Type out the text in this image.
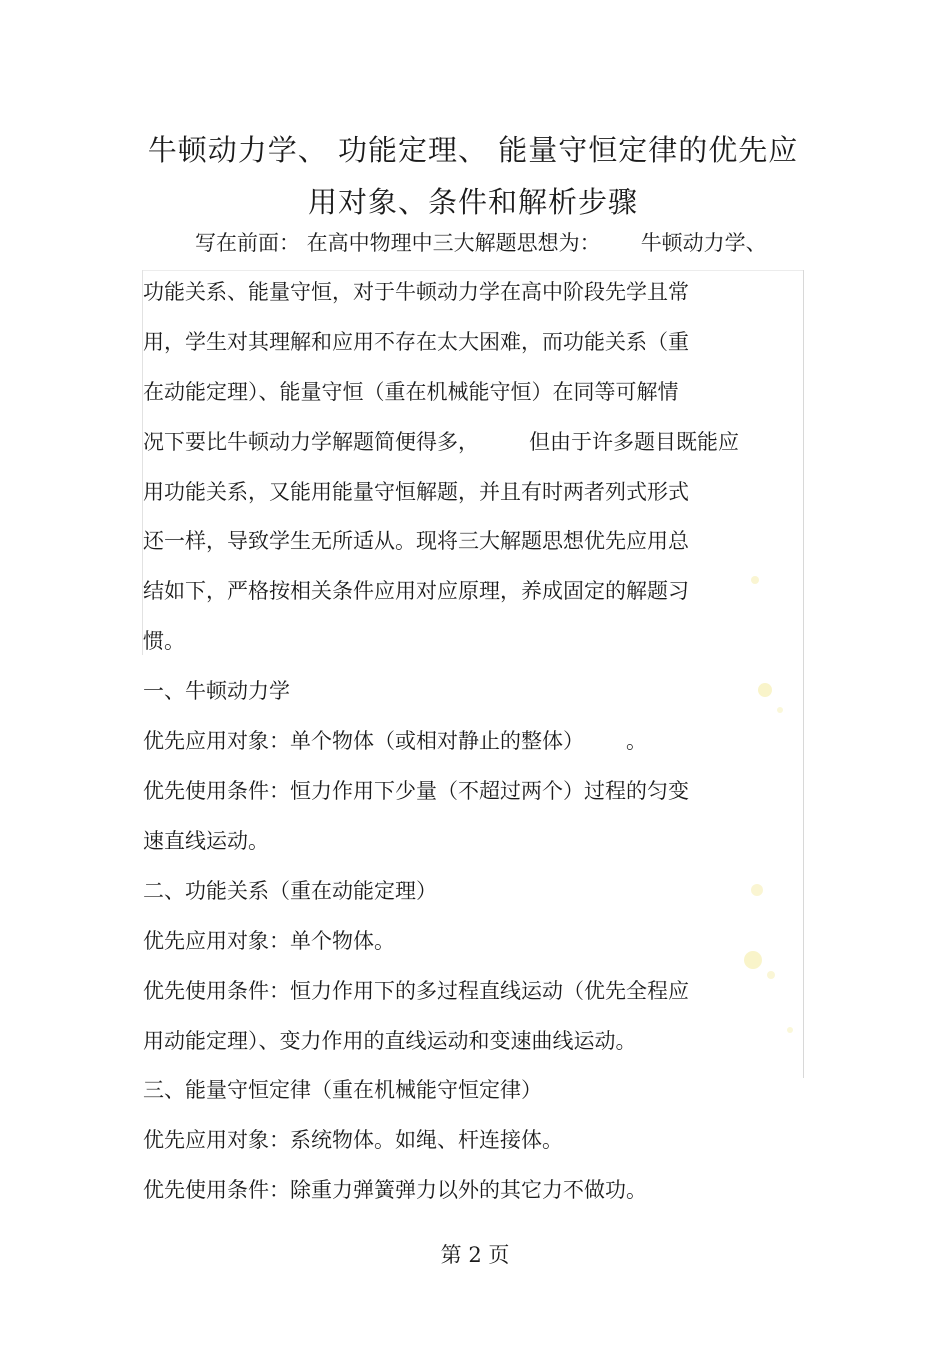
牛顿动力学、 功能定理、 能量守恒定律的优先应
用对象、条件和解析步骤
写在前面： 在高中物理中三大解题思想为： 牛顿动力学、
功能关系、能量守恒，对于牛顿动力学在高中阶段先学且常
用，学生对其理解和应用不存在太大困难，而功能关系（重
在动能定理）、能量守恒（重在机械能守恒）在同等可解情
况下要比牛顿动力学解题简便得多， 但由于许多题目既能应
用功能关系，又能用能量守恒解题，并且有时两者列式形式
还一样，导致学生无所适从。现将三大解题思想优先应用总
结如下，严格按相关条件应用对应原理，养成固定的解题习
惯。
一、牛顿动力学
优先应用对象：单个物体（或相对静止的整体） 。
优先使用条件：恒力作用下少量（不超过两个）过程的匀变
速直线运动。
二、功能关系（重在动能定理）
优先应用对象：单个物体。
优先使用条件：恒力作用下的多过程直线运动（优先全程应
用动能定理）、变力作用的直线运动和变速曲线运动。
三、能量守恒定律（重在机械能守恒定律）
优先应用对象：系统物体。如绳、杆连接体。
优先使用条件：除重力弹簧弹力以外的其它力不做功。
第 2 页
